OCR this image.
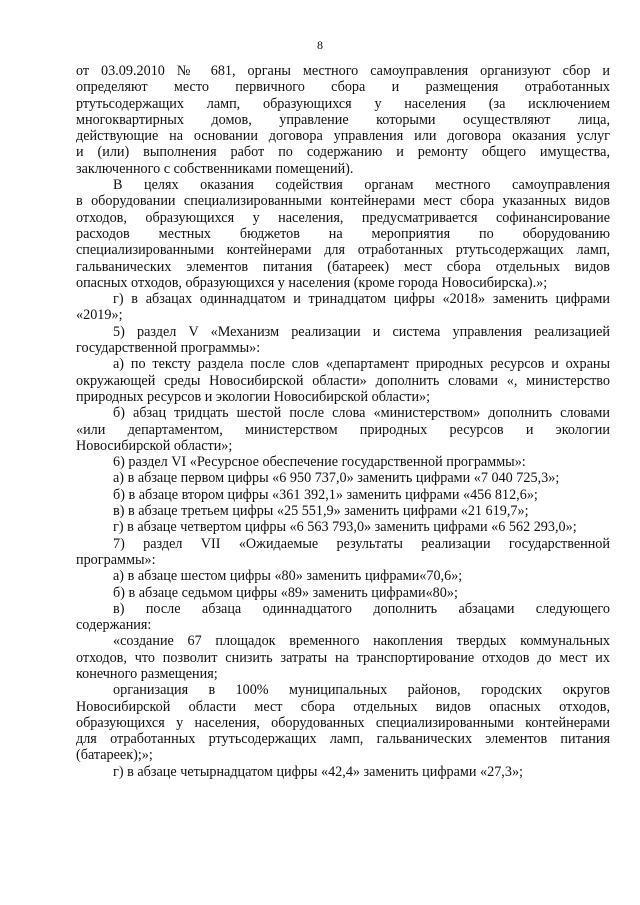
8
от 03.09.2010 № 681, органы местного самоуправления организуют сбор и
определяют место первичного сбора и размещения отработанных
ртутьсодержащих ламп, образующихся у населения (за исключением
многоквартирных домов, управление которыми осуществляют лица,
действующие на основании договора управления или договора оказания услуг
и (или) выполнения работ по содержанию и ремонту общего имущества,
заключенного с собственниками помещений).
В целях оказания содействия органам местного самоуправления
в оборудовании специализированными контейнерами мест сбора указанных видов
отходов, образующихся у населения, предусматривается софинансирование
расходов местных бюджетов на мероприятия по оборудованию
специализированными контейнерами для отработанных ртутьсодержащих ламп,
гальванических элементов питания (батареек) мест сбора отдельных видов
опасных отходов, образующихся у населения (кроме города Новосибирска).»;
г) в абзацах одиннадцатом и тринадцатом цифры «2018» заменить цифрами
«2019»;
5) раздел V «Механизм реализации и система управления реализацией
государственной программы»:
а) по тексту раздела после слов «департамент природных ресурсов и охраны
окружающей среды Новосибирской области» дополнить словами «, министерство
природных ресурсов и экологии Новосибирской области»;
б) абзац тридцать шестой после слова «министерством» дополнить словами
«или департаментом, министерством природных ресурсов и экологии
Новосибирской области»;
6) раздел VI «Ресурсное обеспечение государственной программы»:
а) в абзаце первом цифры «6 950 737,0» заменить цифрами «7 040 725,3»;
б) в абзаце втором цифры «361 392,1» заменить цифрами «456 812,6»;
в) в абзаце третьем цифры «25 551,9» заменить цифрами «21 619,7»;
г) в абзаце четвертом цифры «6 563 793,0» заменить цифрами «6 562 293,0»;
7) раздел VII «Ожидаемые результаты реализации государственной
программы»:
а) в абзаце шестом цифры «80» заменить цифрами«70,6»;
б) в абзаце седьмом цифры «89» заменить цифрами«80»;
в) после абзаца одиннадцатого дополнить абзацами следующего
содержания:
«создание 67 площадок временного накопления твердых коммунальных
отходов, что позволит снизить затраты на транспортирование отходов до мест их
конечного размещения;
организация в 100% муниципальных районов, городских округов
Новосибирской области мест сбора отдельных видов опасных отходов,
образующихся у населения, оборудованных специализированными контейнерами
для отработанных ртутьсодержащих ламп, гальванических элементов питания
(батареек);»;
г) в абзаце четырнадцатом цифры «42,4» заменить цифрами «27,3»;
